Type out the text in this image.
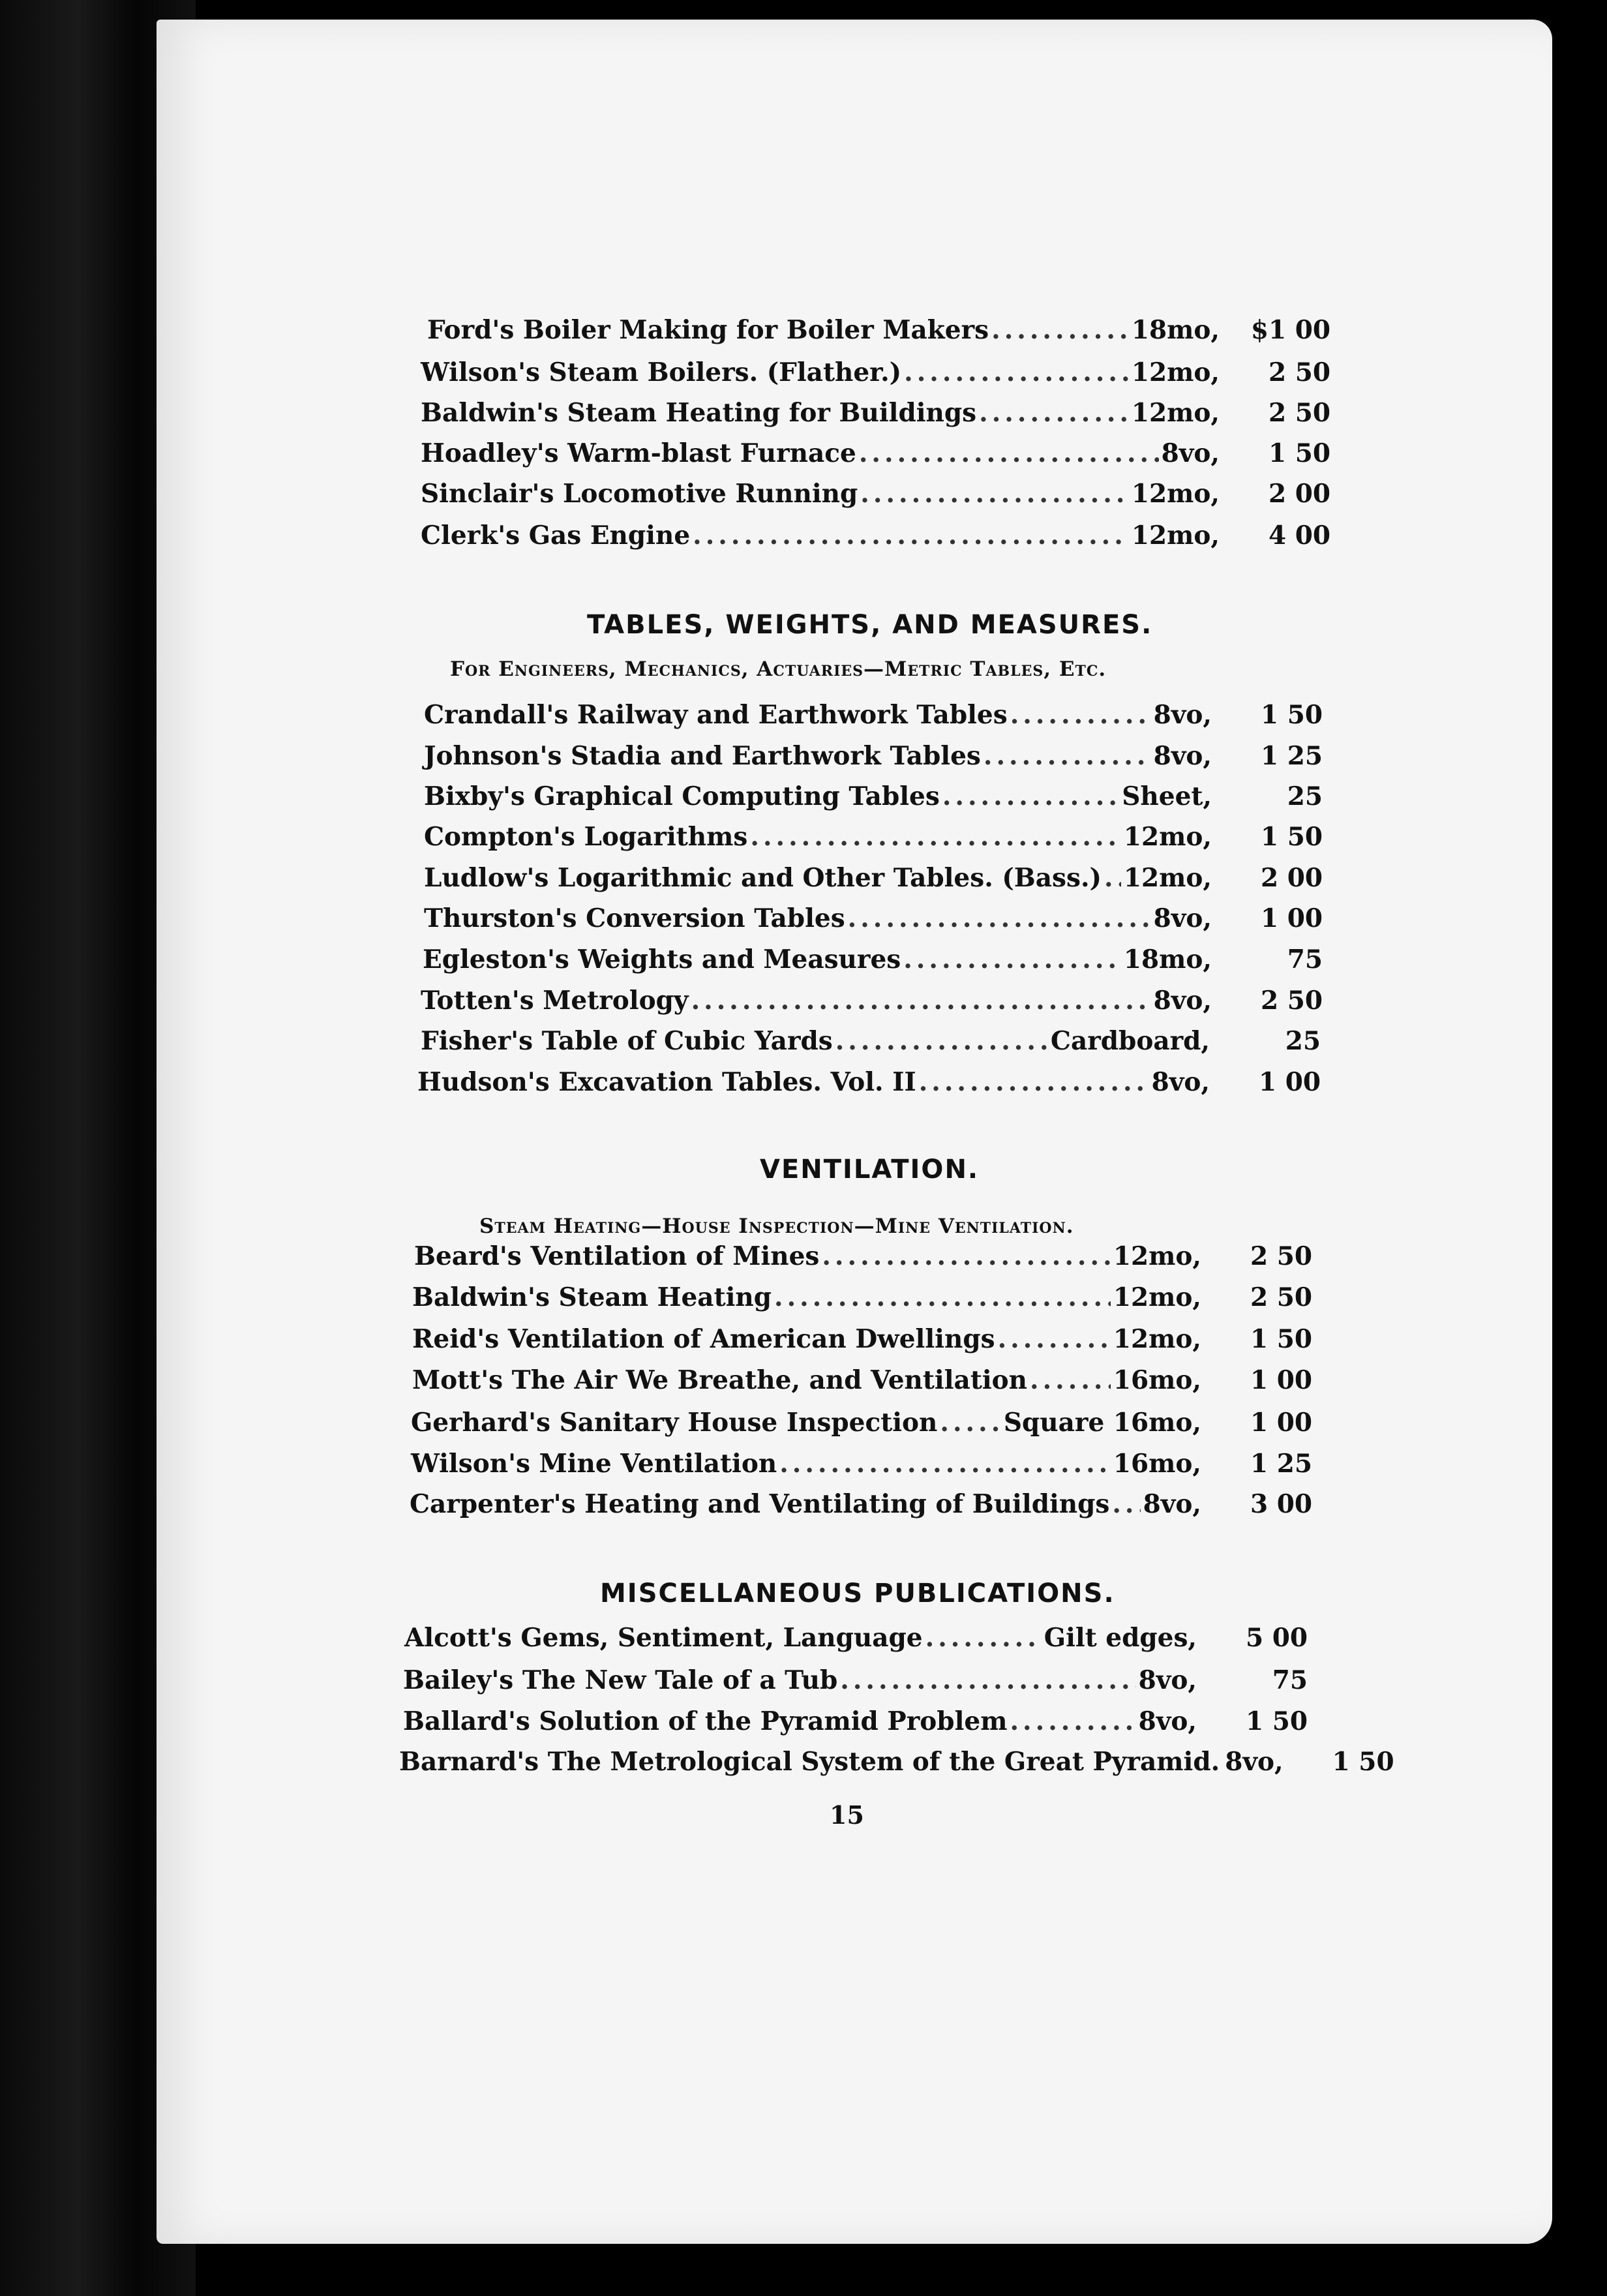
Ford's Boiler Making for Boiler Makers .....	18mo,	$1 00
Wilson's Steam Boilers. (Flather.) .....	12mo,	2 50
Baldwin's Steam Heating for Buildings .....	12mo,	2 50
Hoadley's Warm-blast Furnace .....	8vo,	1 50
Sinclair's Locomotive Running .....	12mo,	2 00
Clerk's Gas Engine .....	12mo,	4 00
TABLES, WEIGHTS, AND MEASURES.
For Engineers, Mechanics, Actuaries—Metric Tables, Etc.
Crandall's Railway and Earthwork Tables .....	8vo,	1 50
Johnson's Stadia and Earthwork Tables .....	8vo,	1 25
Bixby's Graphical Computing Tables .....	Sheet,	25
Compton's Logarithms .....	12mo,	1 50
Ludlow's Logarithmic and Other Tables. (Bass.) ..... 12mo,	2 00
Thurston's Conversion Tables .....	8vo,	1 00
Egleston's Weights and Measures .....	18mo,	75
Totten's Metrology .....	8vo,	2 50
Fisher's Table of Cubic Yards .....	Cardboard,	25
Hudson's Excavation Tables. Vol. II .....	8vo,	1 00
VENTILATION.
Steam Heating—House Inspection—Mine Ventilation.
Beard's Ventilation of Mines .....	12mo,	2 50
Baldwin's Steam Heating .....	12mo,	2 50
Reid's Ventilation of American Dwellings .....	12mo,	1 50
Mott's The Air We Breathe, and Ventilation .....	16mo,	1 00
Gerhard's Sanitary House Inspection .....	Square 16mo,	1 00
Wilson's Mine Ventilation .....	16mo,	1 25
Carpenter's Heating and Ventilating of Buildings ..... 8vo,	3 00
MISCELLANEOUS PUBLICATIONS.
Alcott's Gems, Sentiment, Language .....	Gilt edges,	5 00
Bailey's The New Tale of a Tub .....	8vo,	75
Ballard's Solution of the Pyramid Problem .....	8vo,	1 50
Barnard's The Metrological System of the Great Pyramid. 8vo,	1 50
15
